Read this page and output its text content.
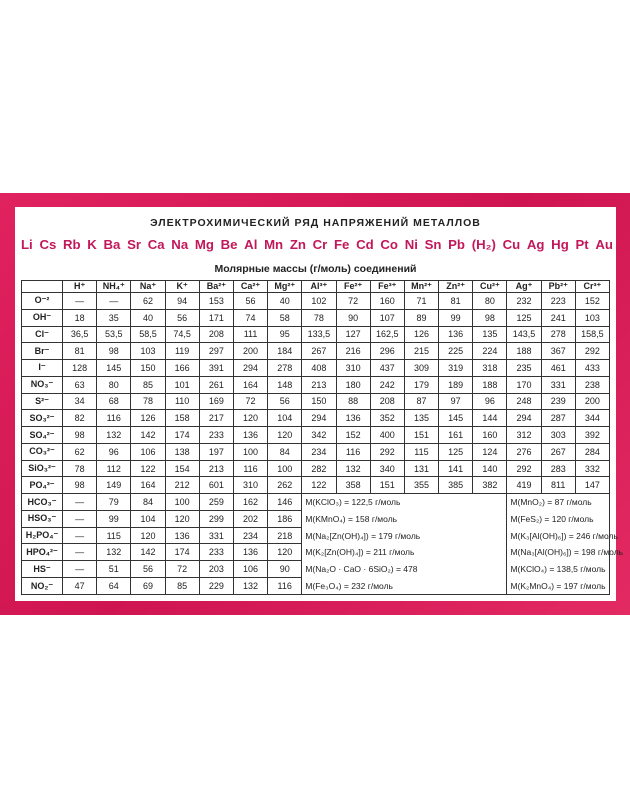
ЭЛЕКТРОХИМИЧЕСКИЙ РЯД НАПРЯЖЕНИЙ МЕТАЛЛОВ
Li Cs Rb K Ba Sr Ca Na Mg Be Al Mn Zn Cr Fe Cd Co Ni Sn Pb (H₂) Cu Ag Hg Pt Au
Молярные массы (г/моль) соединений
	H⁺	NH₄⁺	Na⁺	K⁺	Ba²⁺	Ca²⁺	Mg²⁺	Al³⁺	Fe²⁺	Fe³⁺	Mn²⁺	Zn²⁺	Cu²⁺	Ag⁺	Pb²⁺	Cr³⁺
O⁻²	—	—	62	94	153	56	40	102	72	160	71	81	80	232	223	152
OH⁻	18	35	40	56	171	74	58	78	90	107	89	99	98	125	241	103
Cl⁻	36,5	53,5	58,5	74,5	208	111	95	133,5	127	162,5	126	136	135	143,5	278	158,5
Br⁻	81	98	103	119	297	200	184	267	216	296	215	225	224	188	367	292
I⁻	128	145	150	166	391	294	278	408	310	437	309	319	318	235	461	433
NO₃⁻	63	80	85	101	261	164	148	213	180	242	179	189	188	170	331	238
S²⁻	34	68	78	110	169	72	56	150	88	208	87	97	96	248	239	200
SO₃²⁻	82	116	126	158	217	120	104	294	136	352	135	145	144	294	287	344
SO₄²⁻	98	132	142	174	233	136	120	342	152	400	151	161	160	312	303	392
CO₃²⁻	62	96	106	138	197	100	84	234	116	292	115	125	124	276	267	284
SiO₃²⁻	78	112	122	154	213	116	100	282	132	340	131	141	140	292	283	332
PO₄³⁻	98	149	164	212	601	310	262	122	358	151	355	385	382	419	811	147
HCO₃⁻	—	79	84	100	259	162	146	M(KClO₃) = 122,5 г/моль						M(MnO₂) = 87 г/моль		
HSO₃⁻	—	99	104	120	299	202	186	M(KMnO₄) = 158 г/моль						M(FeS₂) = 120 г/моль		
H₂PO₄⁻	—	115	120	136	331	234	218	M(Na₂[Zn(OH)₄]) = 179 г/моль						M(K₃[Al(OH)₆]) = 246 г/моль		
HPO₄²⁻	—	132	142	174	233	136	120	M(K₂[Zn(OH)₄]) = 211 г/моль						M(Na₃[Al(OH)₆]) = 198 г/моль		
HS⁻	—	51	56	72	203	106	90	M(Na₂O · CaO · 6SiO₂) = 478						M(KClO₄) = 138,5 г/моль		
NO₂⁻	47	64	69	85	229	132	116	M(Fe₃O₄) = 232 г/моль						M(K₂MnO₄) = 197 г/моль		
